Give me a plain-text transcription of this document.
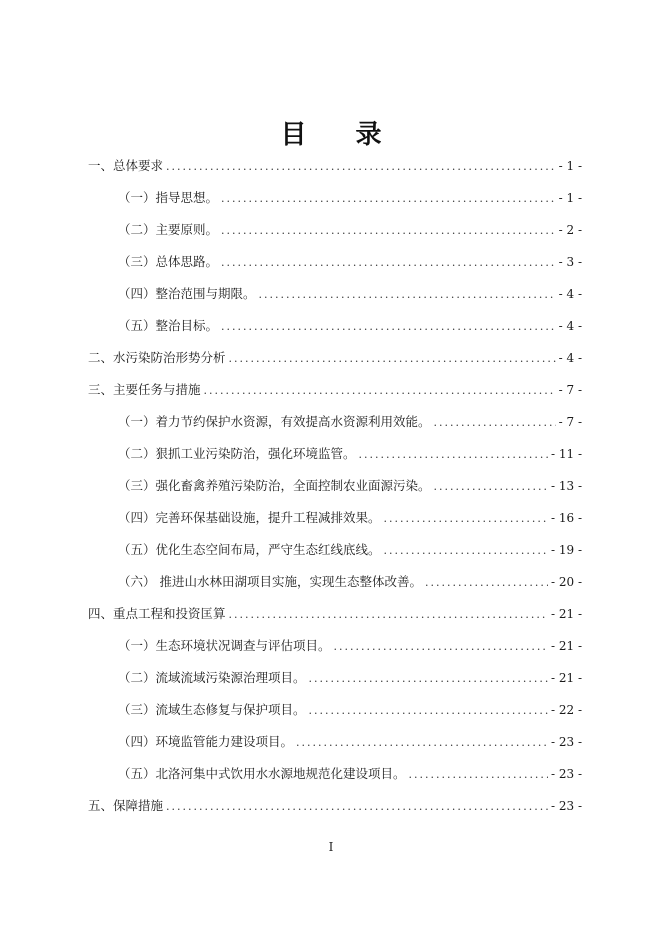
目 录
一、总体要求 .....	- 1 -
（一）指导思想。 .....	- 1 -
（二）主要原则。 .....	- 2 -
（三）总体思路。 .....	- 3 -
（四）整治范围与期限。 .....	- 4 -
（五）整治目标。 .....	- 4 -
二、水污染防治形势分析 .....	- 4 -
三、主要任务与措施 .....	- 7 -
（一）着力节约保护水资源，有效提高水资源利用效能。 .....	- 7 -
（二）狠抓工业污染防治，强化环境监管。 .....	- 11 -
（三）强化畜禽养殖污染防治，全面控制农业面源污染。 .....	- 13 -
（四）完善环保基础设施，提升工程减排效果。 .....	- 16 -
（五）优化生态空间布局，严守生态红线底线。 .....	- 19 -
（六） 推进山水林田湖项目实施，实现生态整体改善。 .....	- 20 -
四、重点工程和投资匡算 .....	- 21 -
（一）生态环境状况调查与评估项目。 .....	- 21 -
（二）流域流域污染源治理项目。 .....	- 21 -
（三）流域生态修复与保护项目。 .....	- 22 -
（四）环境监管能力建设项目。 .....	- 23 -
（五）北洛河集中式饮用水水源地规范化建设项目。 .....	- 23 -
五、保障措施 .....	- 23 -
I
